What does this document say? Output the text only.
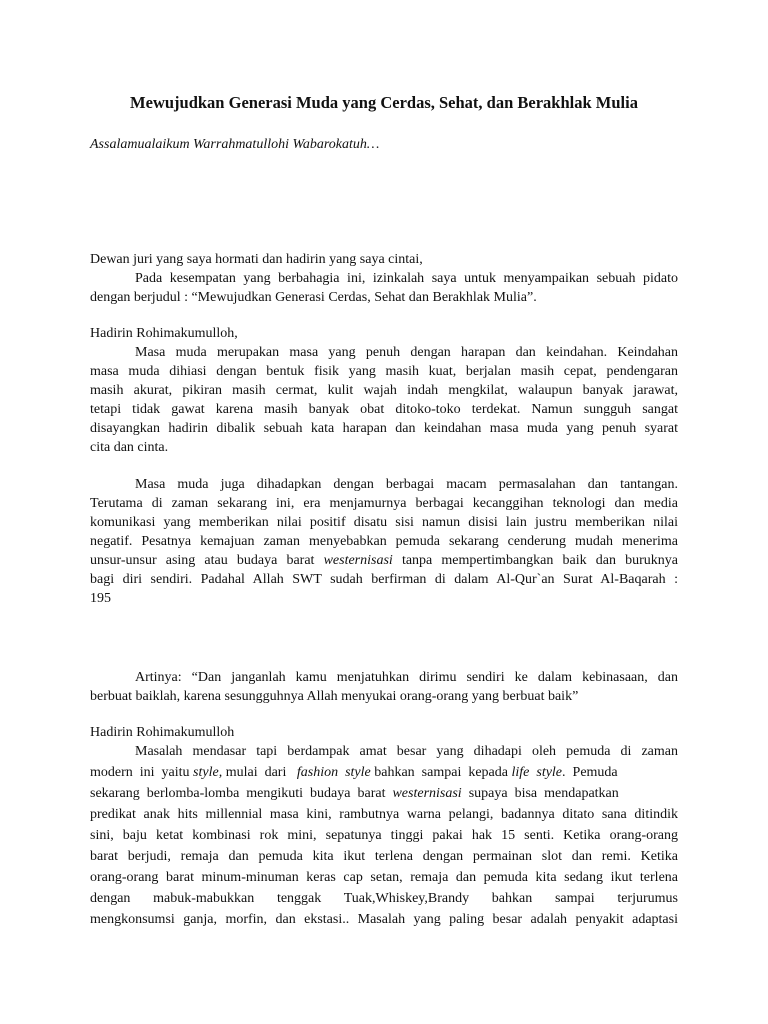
Mewujudkan Generasi Muda yang Cerdas, Sehat, dan Berakhlak Mulia
Assalamualaikum Warrahmatullohi Wabarokatuh…
Dewan juri yang saya hormati dan hadirin yang saya cintai,
Pada kesempatan yang berbahagia ini, izinkalah saya untuk menyampaikan sebuah pidato
dengan berjudul : “Mewujudkan Generasi Cerdas, Sehat dan Berakhlak Mulia”.
Hadirin Rohimakumulloh,
Masa muda merupakan masa yang penuh dengan harapan dan keindahan. Keindahan
masa muda dihiasi dengan bentuk fisik yang masih kuat, berjalan masih cepat, pendengaran
masih akurat, pikiran masih cermat, kulit wajah indah mengkilat, walaupun banyak jarawat,
tetapi tidak gawat karena masih banyak obat ditoko-toko terdekat. Namun sungguh sangat
disayangkan hadirin dibalik sebuah kata harapan dan keindahan masa muda yang penuh syarat
cita dan cinta.
Masa muda juga dihadapkan dengan berbagai macam permasalahan dan tantangan.
Terutama di zaman sekarang ini, era menjamurnya berbagai kecanggihan teknologi dan media
komunikasi yang memberikan nilai positif disatu sisi namun disisi lain justru memberikan nilai
negatif. Pesatnya kemajuan zaman menyebabkan pemuda sekarang cenderung mudah menerima
unsur-unsur asing atau budaya barat westernisasi tanpa mempertimbangkan baik dan buruknya
bagi diri sendiri. Padahal Allah SWT sudah berfirman di dalam Al-Qur`an Surat Al-Baqarah :
195
Artinya: “Dan janganlah kamu menjatuhkan dirimu sendiri ke dalam kebinasaan, dan
berbuat baiklah, karena sesungguhnya Allah menyukai orang-orang yang berbuat baik”
Hadirin Rohimakumulloh
Masalah mendasar tapi berdampak amat besar yang dihadapi oleh pemuda di zaman
modern  ini  yaitu style, mulai  dari   fashion  style bahkan  sampai  kepada life  style.  Pemuda
sekarang  berlomba-lomba  mengikuti  budaya  barat  westernisasi  supaya  bisa  mendapatkan
predikat anak hits millennial masa kini, rambutnya warna pelangi, badannya ditato sana ditindik
sini, baju ketat kombinasi rok mini, sepatunya tinggi pakai hak 15 senti. Ketika orang-orang
barat berjudi, remaja dan pemuda kita ikut terlena dengan permainan slot dan remi. Ketika
orang-orang barat minum-minuman keras cap setan, remaja dan pemuda kita sedang ikut terlena
dengan mabuk-mabukkan tenggak Tuak,Whiskey,Brandy bahkan sampai terjurumus
mengkonsumsi ganja, morfin, dan ekstasi.. Masalah yang paling besar adalah penyakit adaptasi
